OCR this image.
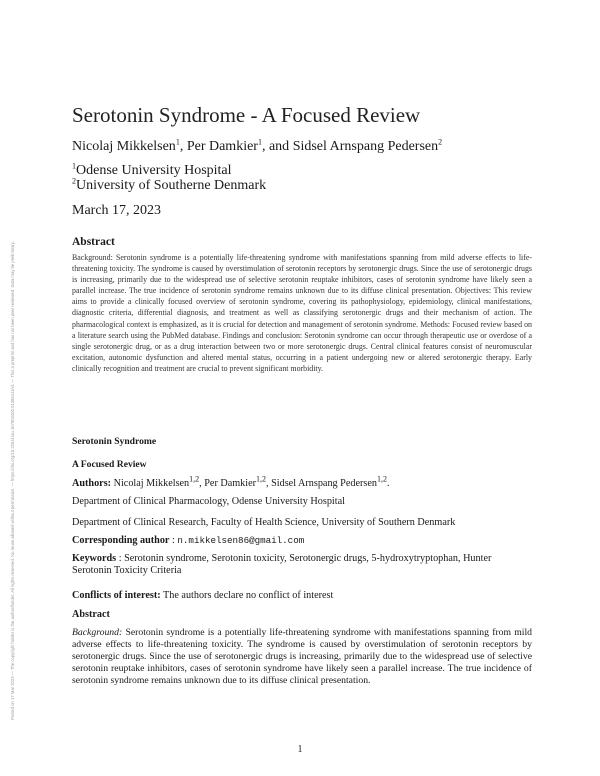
Posted on 17 Mar 2023 — The copyright holder is the author/funder. All rights reserved. No reuse allowed without permission. — https://doi.org/10.22541/au.167904400.01384411/v1 — This a preprint and has not been peer reviewed. Data may be preliminary.
Serotonin Syndrome - A Focused Review
Nicolaj Mikkelsen$^1$, Per Damkier$^1$, and Sidsel Arnspang Pedersen$^2$
$^1$Odense University Hospital
$^2$University of Southerne Denmark
March 17, 2023
Abstract
Background: Serotonin syndrome is a potentially life-threatening syndrome with manifestations spanning from mild adverse effects to life-threatening toxicity. The syndrome is caused by overstimulation of serotonin receptors by serotonergic drugs. Since the use of serotonergic drugs is increasing, primarily due to the widespread use of selective serotonin reuptake inhibitors, cases of serotonin syndrome have likely seen a parallel increase. The true incidence of serotonin syndrome remains unknown due to its diffuse clinical presentation. Objectives: This review aims to provide a clinically focused overview of serotonin syndrome, covering its pathophysiology, epidemiology, clinical manifestations, diagnostic criteria, differential diagnosis, and treatment as well as classifying serotonergic drugs and their mechanism of action. The pharmacological context is emphasized, as it is crucial for detection and management of serotonin syndrome. Methods: Focused review based on a literature search using the PubMed database. Findings and conclusion: Serotonin syndrome can occur through therapeutic use or overdose of a single serotonergic drug, or as a drug interaction between two or more serotonergic drugs. Central clinical features consist of neuromuscular excitation, autonomic dysfunction and altered mental status, occurring in a patient undergoing new or altered serotonergic therapy. Early clinically recognition and treatment are crucial to prevent significant morbidity.
Serotonin Syndrome
A Focused Review
Authors: Nicolaj Mikkelsen$^{1,2}$, Per Damkier$^{1,2}$, Sidsel Arnspang Pedersen$^{1,2}$.
Department of Clinical Pharmacology, Odense University Hospital
Department of Clinical Research, Faculty of Health Science, University of Southern Denmark
Corresponding author : n.mikkelsen86@gmail.com
Keywords : Serotonin syndrome, Serotonin toxicity, Serotonergic drugs, 5-hydroxytryptophan, Hunter Serotonin Toxicity Criteria
Conflicts of interest: The authors declare no conflict of interest
Abstract
Background: Serotonin syndrome is a potentially life-threatening syndrome with manifestations spanning from mild adverse effects to life-threatening toxicity. The syndrome is caused by overstimulation of serotonin receptors by serotonergic drugs. Since the use of serotonergic drugs is increasing, primarily due to the widespread use of selective serotonin reuptake inhibitors, cases of serotonin syndrome have likely seen a parallel increase. The true incidence of serotonin syndrome remains unknown due to its diffuse clinical presentation.
1
